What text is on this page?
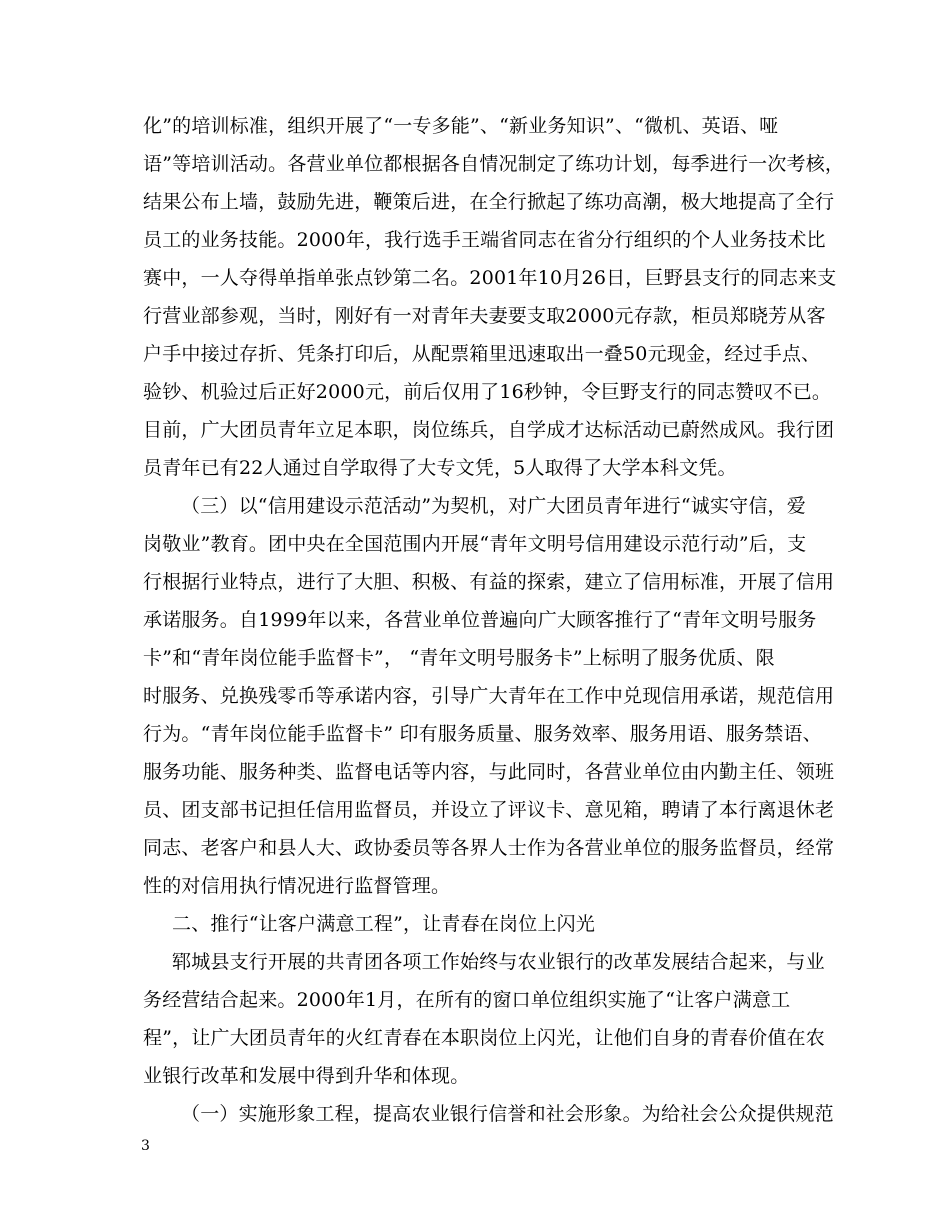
化”的培训标准，组织开展了“一专多能”、“新业务知识”、“微机、英语、哑
语”等培训活动。各营业单位都根据各自情况制定了练功计划，每季进行一次考核，
结果公布上墙，鼓励先进，鞭策后进，在全行掀起了练功高潮，极大地提高了全行
员工的业务技能。2000年，我行选手王端省同志在省分行组织的个人业务技术比
赛中，一人夺得单指单张点钞第二名。2001年10月26日，巨野县支行的同志来支
行营业部参观，当时，刚好有一对青年夫妻要支取2000元存款，柜员郑晓芳从客
户手中接过存折、凭条打印后，从配票箱里迅速取出一叠50元现金，经过手点、
验钞、机验过后正好2000元，前后仅用了16秒钟，令巨野支行的同志赞叹不已。
目前，广大团员青年立足本职，岗位练兵，自学成才达标活动已蔚然成风。我行团
员青年已有22人通过自学取得了大专文凭，5人取得了大学本科文凭。
（三）以“信用建设示范活动”为契机，对广大团员青年进行“诚实守信，爱
岗敬业”教育。团中央在全国范围内开展“青年文明号信用建设示范行动”后，支
行根据行业特点，进行了大胆、积极、有益的探索，建立了信用标准，开展了信用
承诺服务。自1999年以来，各营业单位普遍向广大顾客推行了“青年文明号服务
卡”和“青年岗位能手监督卡”， “青年文明号服务卡”上标明了服务优质、限
时服务、兑换残零币等承诺内容，引导广大青年在工作中兑现信用承诺，规范信用
行为。“青年岗位能手监督卡” 印有服务质量、服务效率、服务用语、服务禁语、
服务功能、服务种类、监督电话等内容，与此同时，各营业单位由内勤主任、领班
员、团支部书记担任信用监督员，并设立了评议卡、意见箱，聘请了本行离退休老
同志、老客户和县人大、政协委员等各界人士作为各营业单位的服务监督员，经常
性的对信用执行情况进行监督管理。
二、推行“让客户满意工程”，让青春在岗位上闪光
郓城县支行开展的共青团各项工作始终与农业银行的改革发展结合起来，与业
务经营结合起来。2000年1月，在所有的窗口单位组织实施了“让客户满意工
程”，让广大团员青年的火红青春在本职岗位上闪光，让他们自身的青春价值在农
业银行改革和发展中得到升华和体现。
（一）实施形象工程，提高农业银行信誉和社会形象。为给社会公众提供规范
3
